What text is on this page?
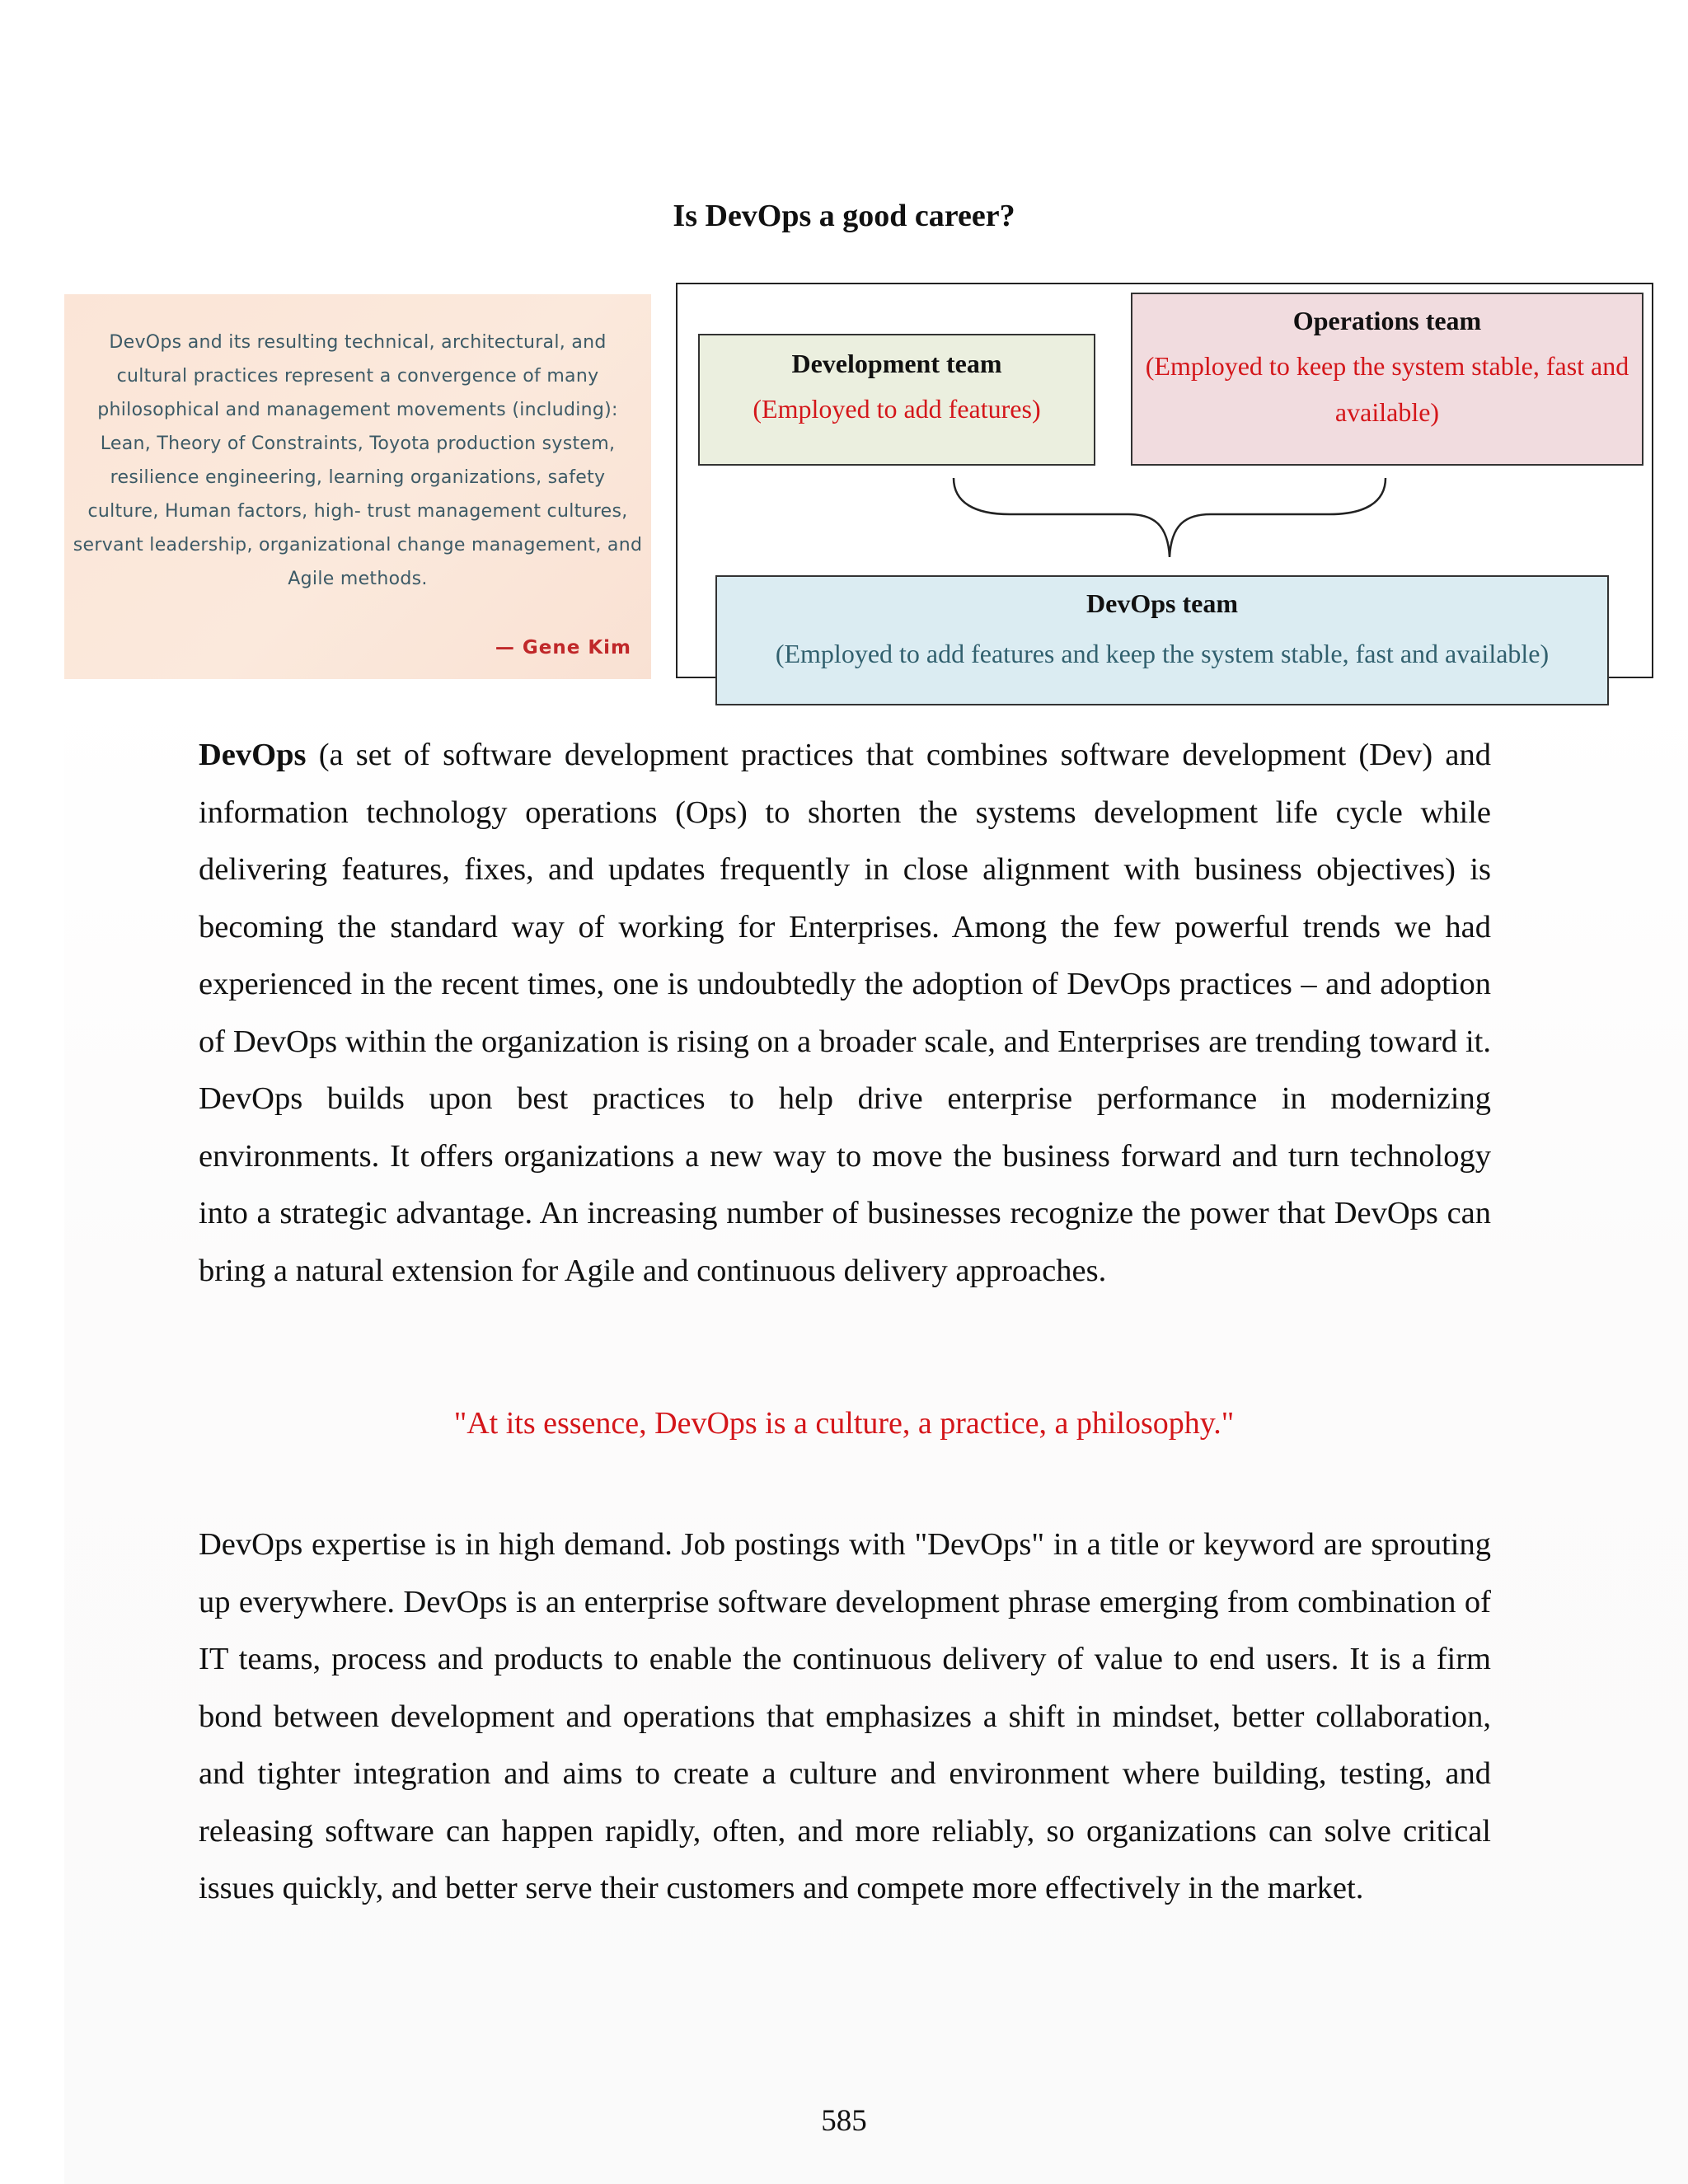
Is DevOps a good career?
DevOps and its resulting technical, architectural, and cultural practices represent a convergence of many philosophical and management movements (including): Lean, Theory of Constraints, Toyota production system, resilience engineering, learning organizations, safety culture, Human factors, high- trust management cultures, servant leadership, organizational change management, and Agile methods.
— Gene Kim
Development team
(Employed to add features)
Operations team
(Employed to keep the system stable, fast and available)
DevOps team
(Employed to add features and keep the system stable, fast and available)
DevOps (a set of software development practices that combines software development (Dev) and information technology operations (Ops) to shorten the systems development life cycle while delivering features, fixes, and updates frequently in close alignment with business objectives) is becoming the standard way of working for Enterprises. Among the few powerful trends we had experienced in the recent times, one is undoubtedly the adoption of DevOps practices – and adoption of DevOps within the organization is rising on a broader scale, and Enterprises are trending toward it. DevOps builds upon best practices to help drive enterprise performance in modernizing environments. It offers organizations a new way to move the business forward and turn technology into a strategic advantage. An increasing number of businesses recognize the power that DevOps can bring a natural extension for Agile and continuous delivery approaches.
"At its essence, DevOps is a culture, a practice, a philosophy."
DevOps expertise is in high demand. Job postings with "DevOps" in a title or keyword are sprouting up everywhere. DevOps is an enterprise software development phrase emerging from combination of IT teams, process and products to enable the continuous delivery of value to end users. It is a firm bond between development and operations that emphasizes a shift in mindset, better collaboration, and tighter integration and aims to create a culture and environment where building, testing, and releasing software can happen rapidly, often, and more reliably, so organizations can solve critical issues quickly, and better serve their customers and compete more effectively in the market.
585
